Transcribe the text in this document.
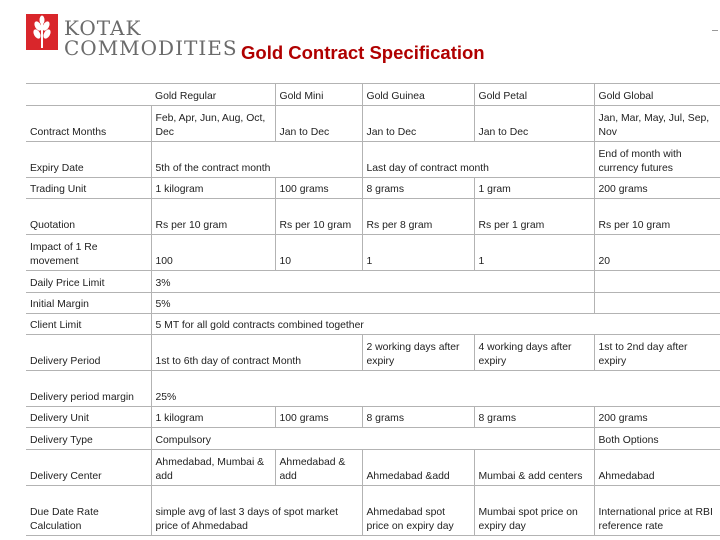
KOTAK
COMMODITIES Gold Contract Specification
	Gold Regular	Gold Mini	Gold Guinea	Gold Petal	Gold Global
Contract Months	Feb, Apr, Jun, Aug, Oct, Dec	Jan to Dec	Jan to Dec	Jan to Dec	Jan, Mar, May, Jul, Sep, Nov
Expiry Date	5th of the contract month		Last day of contract month		End of month with currency futures
Trading Unit	1 kilogram	100 grams	8 grams	1 gram	200 grams
Quotation	Rs per 10 gram	Rs per 10 gram	Rs per 8 gram	Rs per 1 gram	Rs per 10 gram
Impact of 1 Re movement	100	10	1	1	20
Daily Price Limit	3%				
Initial Margin	5%				
Client Limit	5 MT for all gold contracts combined together				
Delivery Period	1st to 6th day of contract Month		2 working days after expiry	4 working days after expiry	1st to 2nd day after expiry
Delivery period margin	25%				
Delivery Unit	1 kilogram	100 grams	8 grams	8 grams	200 grams
Delivery Type	Compulsory				Both Options
Delivery Center	Ahmedabad, Mumbai & add	Ahmedabad & add	Ahmedabad &add	Mumbai & add centers	Ahmedabad
Due Date Rate Calculation	simple avg of last 3 days of spot market price of Ahmedabad		Ahmedabad spot price on expiry day	Mumbai spot price on expiry day	International price at RBI reference rate
